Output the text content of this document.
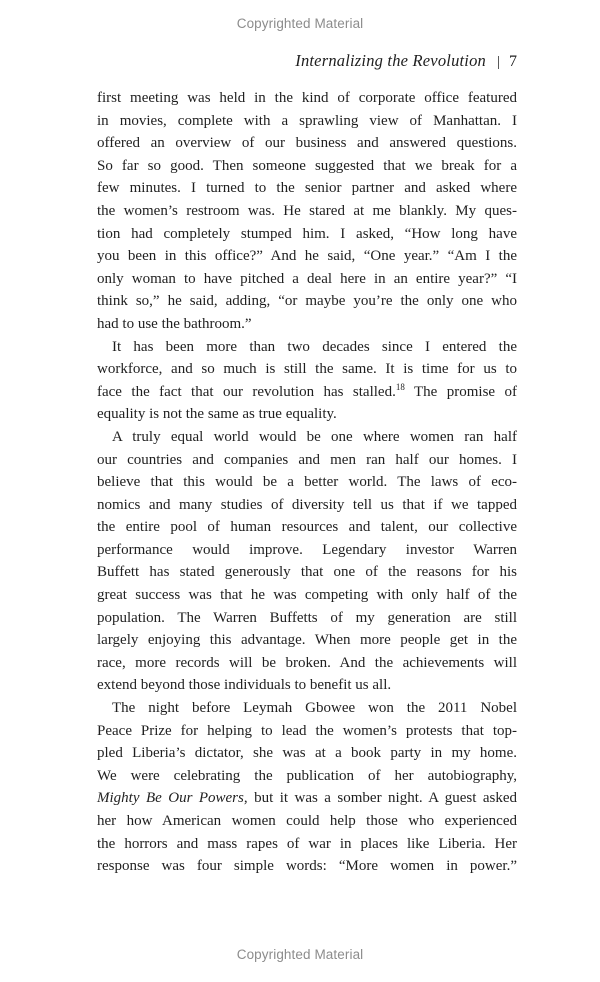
Copyrighted Material
Internalizing the Revolution | 7
first meeting was held in the kind of corporate office featured
in movies, complete with a sprawling view of Manhattan. I
offered an overview of our business and answered questions.
So far so good. Then someone suggested that we break for a
few minutes. I turned to the senior partner and asked where
the women’s restroom was. He stared at me blankly. My ques-
tion had completely stumped him. I asked, “How long have
you been in this office?” And he said, “One year.” “Am I the
only woman to have pitched a deal here in an entire year?” “I
think so,” he said, adding, “or maybe you’re the only one who
had to use the bathroom.”
It has been more than two decades since I entered the
workforce, and so much is still the same. It is time for us to
face the fact that our revolution has stalled.$^{18}$ The promise of
equality is not the same as true equality.
A truly equal world would be one where women ran half
our countries and companies and men ran half our homes. I
believe that this would be a better world. The laws of eco-
nomics and many studies of diversity tell us that if we tapped
the entire pool of human resources and talent, our collective
performance would improve. Legendary investor Warren
Buffett has stated generously that one of the reasons for his
great success was that he was competing with only half of the
population. The Warren Buffetts of my generation are still
largely enjoying this advantage. When more people get in the
race, more records will be broken. And the achievements will
extend beyond those individuals to benefit us all.
The night before Leymah Gbowee won the 2011 Nobel
Peace Prize for helping to lead the women’s protests that top-
pled Liberia’s dictator, she was at a book party in my home.
We were celebrating the publication of her autobiography,
Mighty Be Our Powers, but it was a somber night. A guest asked
her how American women could help those who experienced
the horrors and mass rapes of war in places like Liberia. Her
response was four simple words: “More women in power.”
Copyrighted Material
